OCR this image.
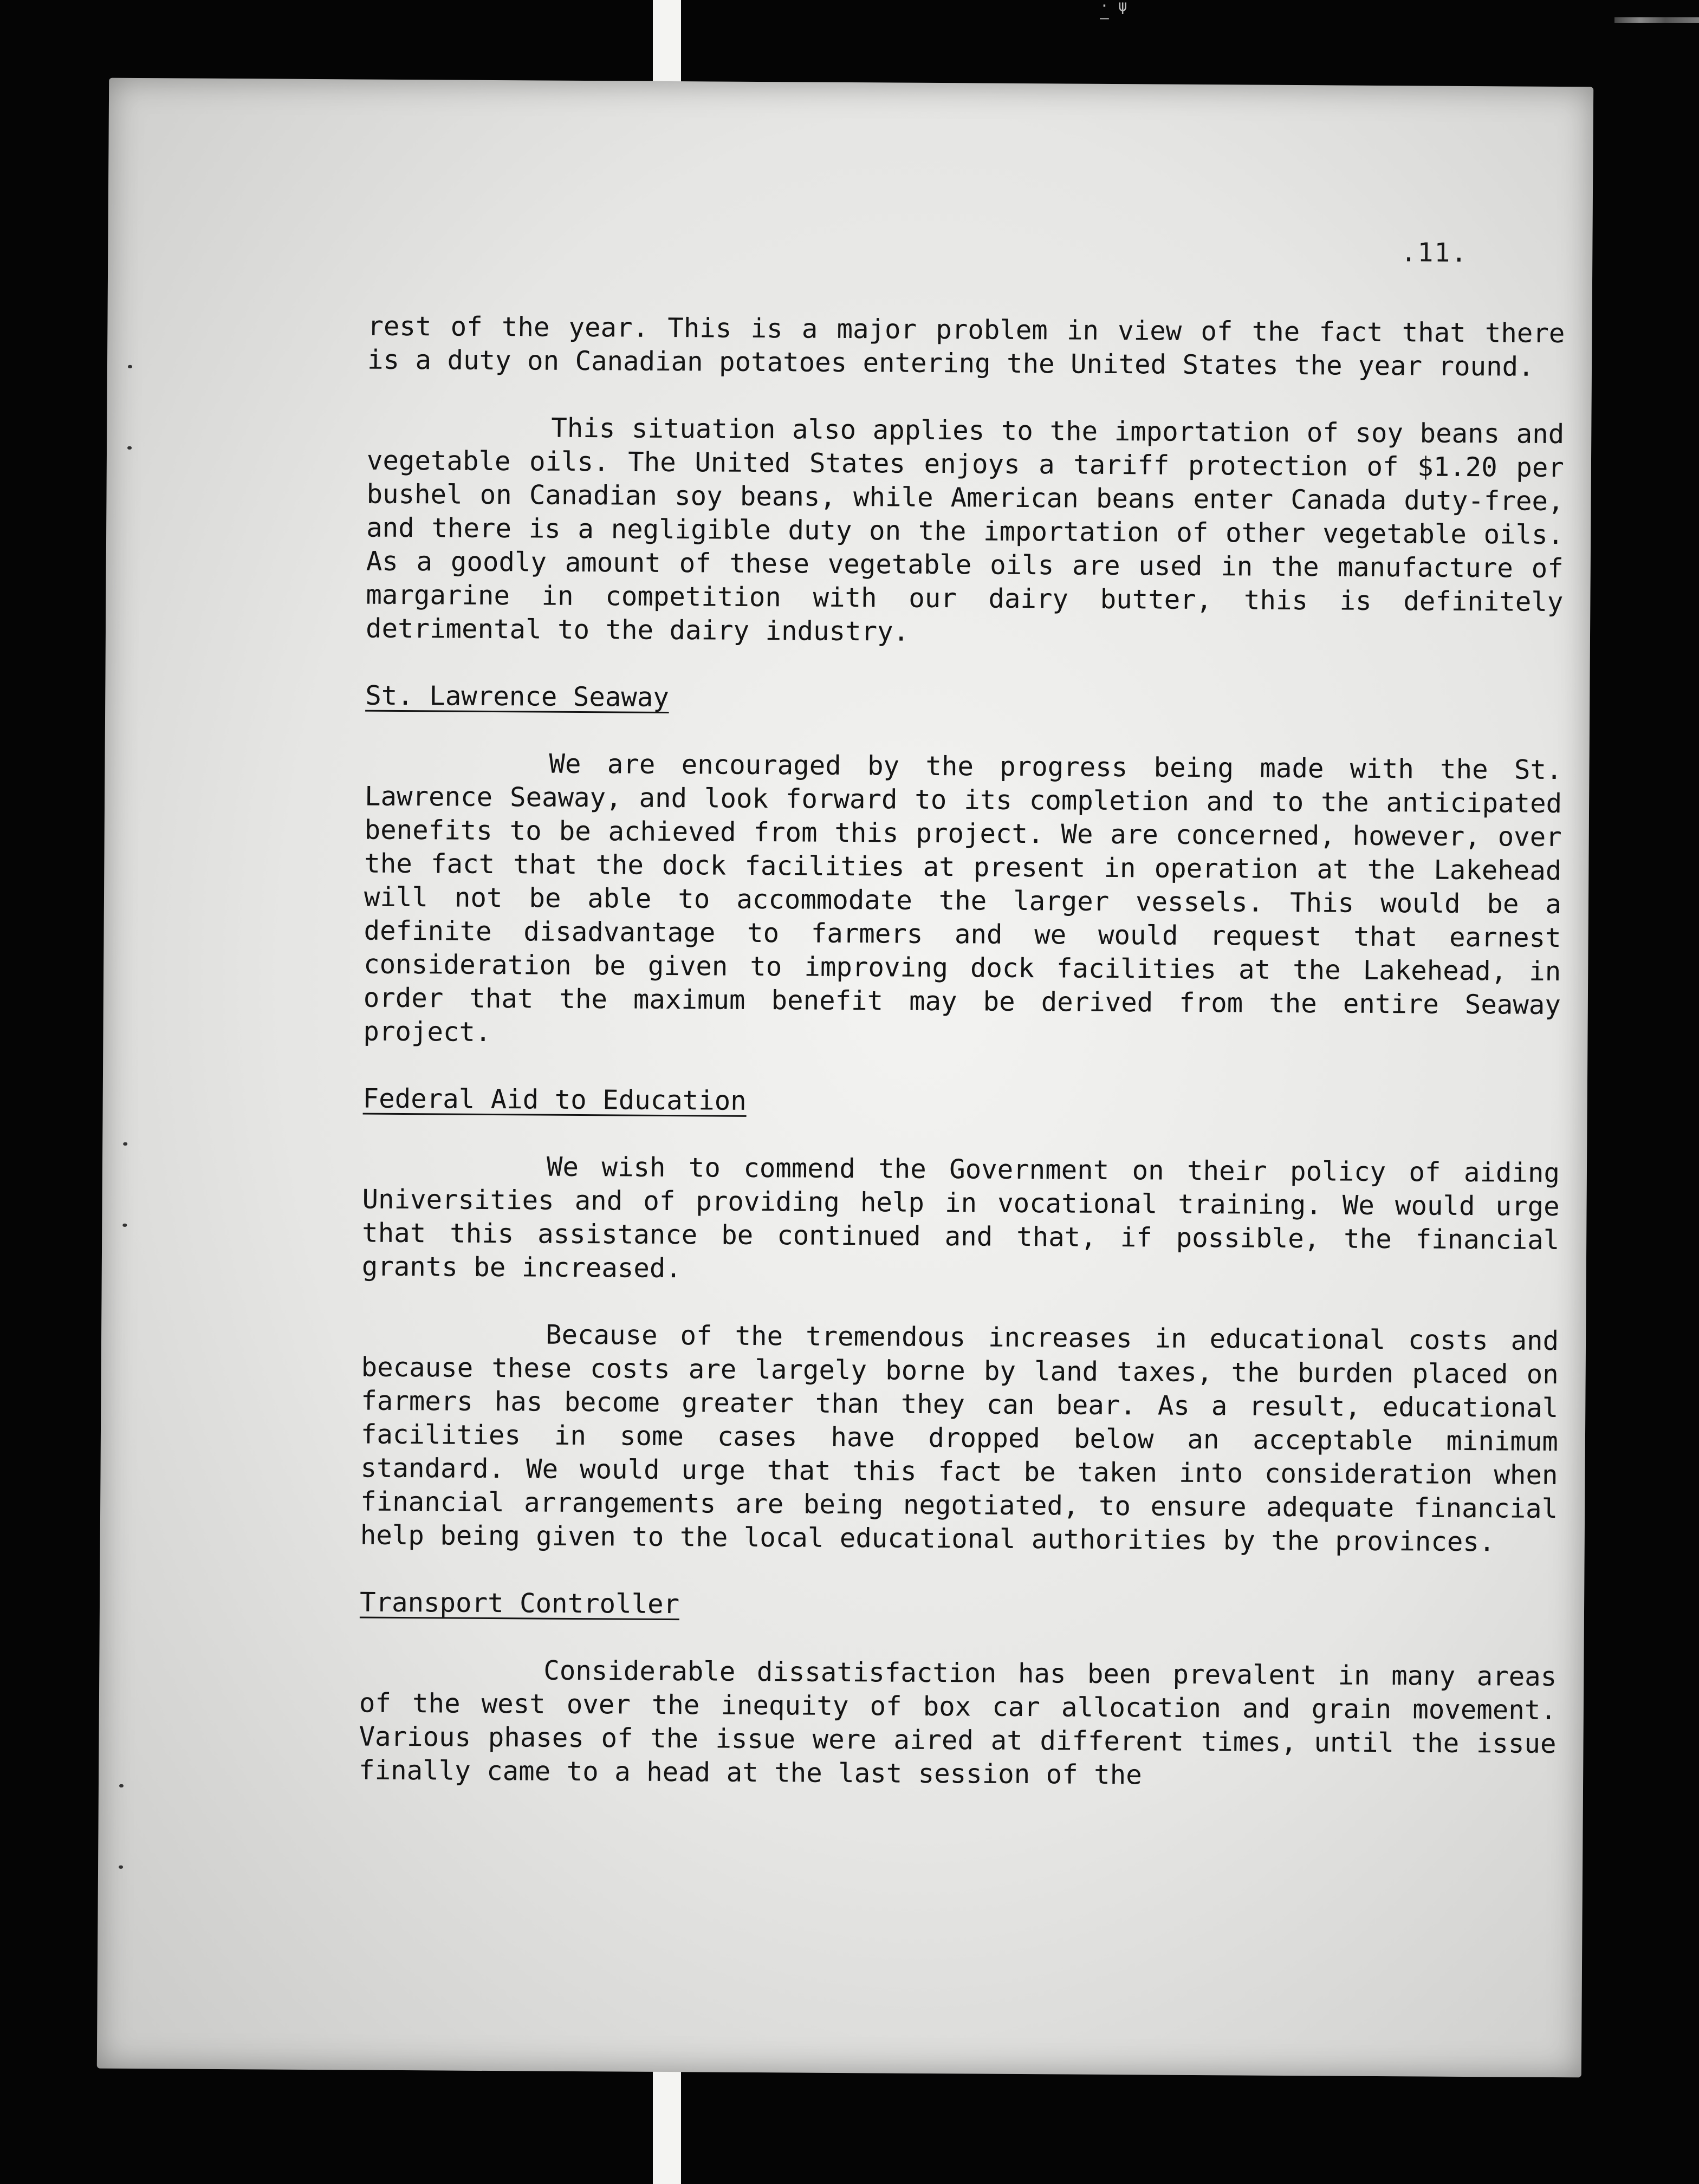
· ψ –
.11.

rest of the year. This is a major problem in view of the fact that there is a duty on Canadian potatoes entering the United States the year round.

This situation also applies to the importation of soy beans and vegetable oils. The United States enjoys a tariff protection of $1.20 per bushel on Canadian soy beans, while American beans enter Canada duty-free, and there is a negligible duty on the importation of other vegetable oils. As a goodly amount of these vegetable oils are used in the manufacture of margarine in competition with our dairy butter, this is definitely detrimental to the dairy industry.

St. Lawrence Seaway

We are encouraged by the progress being made with the St. Lawrence Seaway, and look forward to its completion and to the anticipated benefits to be achieved from this project. We are concerned, however, over the fact that the dock facilities at present in operation at the Lakehead will not be able to accommodate the larger vessels. This would be a definite disadvantage to farmers and we would request that earnest consideration be given to improving dock facilities at the Lakehead, in order that the maximum benefit may be derived from the entire Seaway project.

Federal Aid to Education

We wish to commend the Government on their policy of aiding Universities and of providing help in vocational training. We would urge that this assistance be continued and that, if possible, the financial grants be increased.

Because of the tremendous increases in educational costs and because these costs are largely borne by land taxes, the burden placed on farmers has become greater than they can bear. As a result, educational facilities in some cases have dropped below an acceptable minimum standard. We would urge that this fact be taken into consideration when financial arrangements are being negotiated, to ensure adequate financial help being given to the local educational authorities by the provinces.

Transport Controller

Considerable dissatisfaction has been prevalent in many areas of the west over the inequity of box car allocation and grain movement. Various phases of the issue were aired at different times, until the issue finally came to a head at the last session of the
